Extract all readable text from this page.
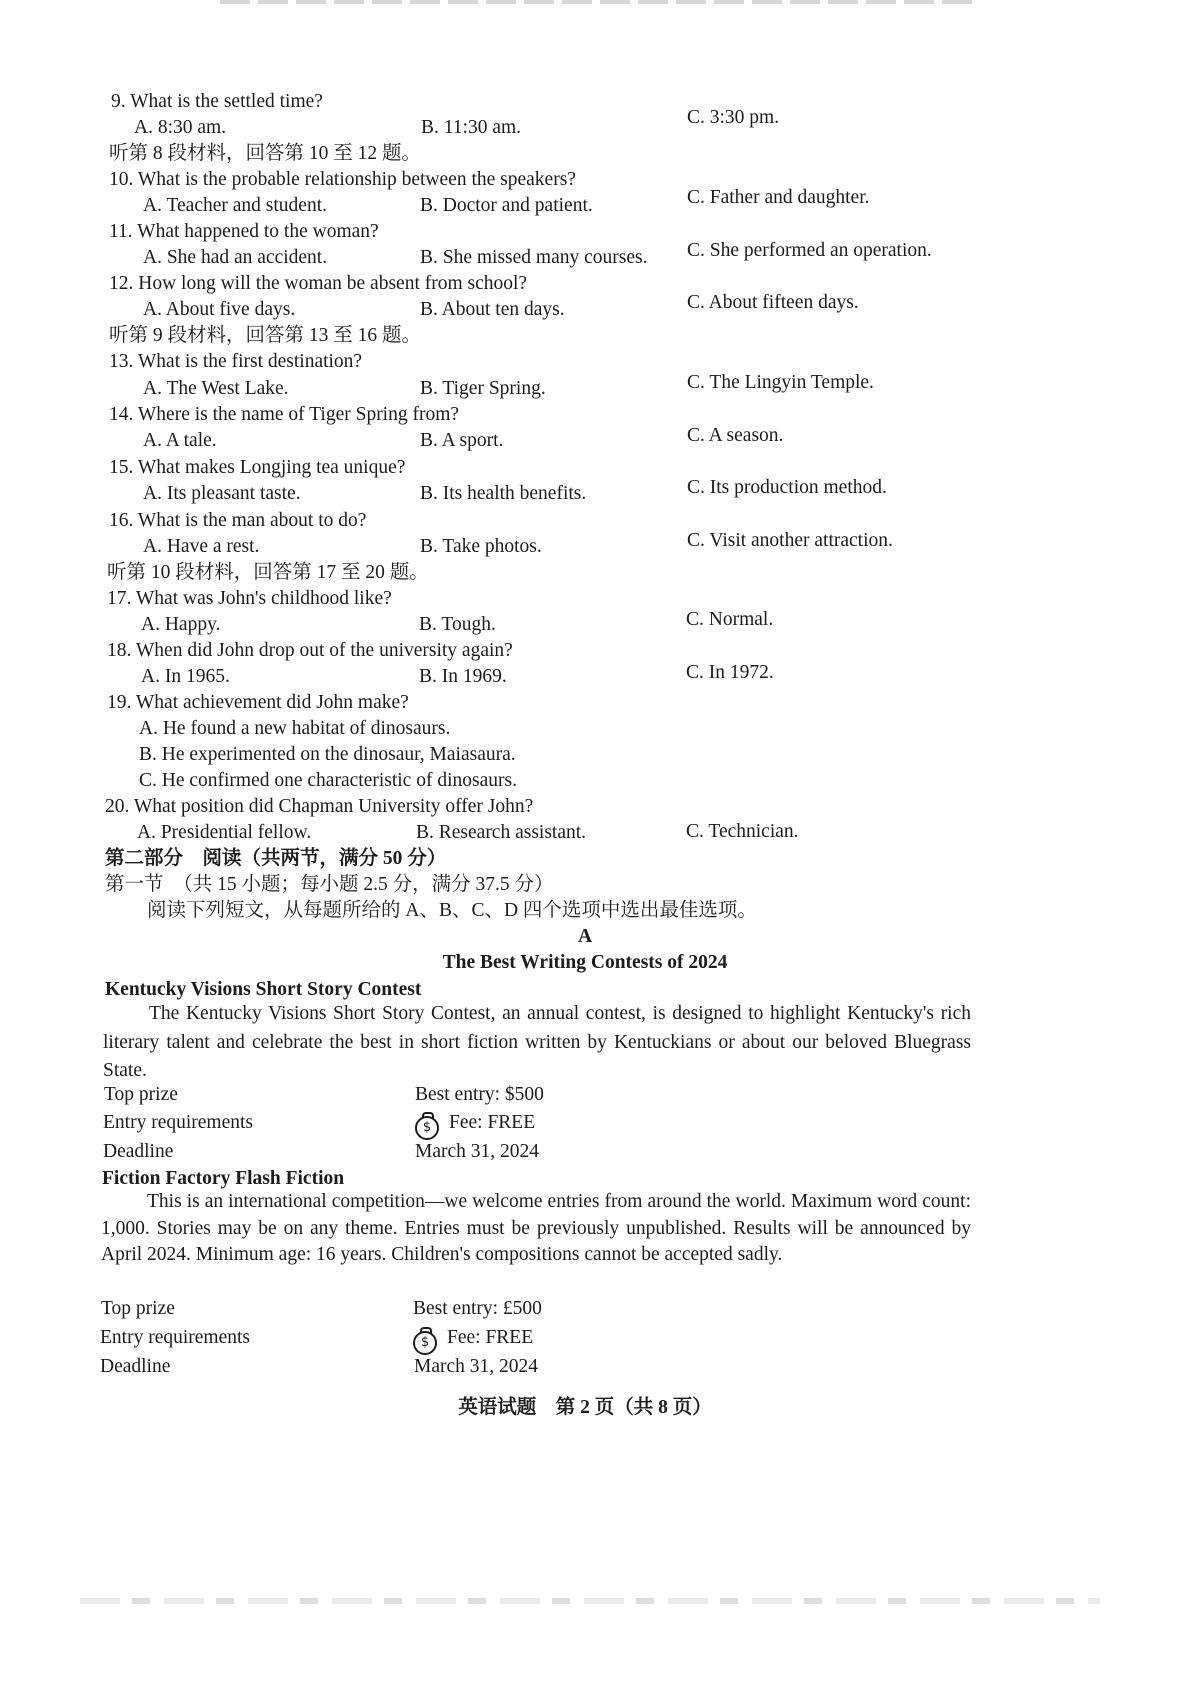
9. What is the settled time?
A. 8:30 am.	B. 11:30 am.	C. 3:30 pm.
听第 8 段材料，回答第 10 至 12 题。
10. What is the probable relationship between the speakers?
A. Teacher and student.	B. Doctor and patient.	C. Father and daughter.
11. What happened to the woman?
A. She had an accident.	B. She missed many courses. C. She performed an operation.
12. How long will the woman be absent from school?
A. About five days.	B. About ten days.	C. About fifteen days.
听第 9 段材料，回答第 13 至 16 题。
13. What is the first destination?
A. The West Lake.	B. Tiger Spring.	C. The Lingyin Temple.
14. Where is the name of Tiger Spring from?
A. A tale.	B. A sport.	C. A season.
15. What makes Longjing tea unique?
A. Its pleasant taste.	B. Its health benefits.	C. Its production method.
16. What is the man about to do?
A. Have a rest.	B. Take photos.	C. Visit another attraction.
听第 10 段材料，回答第 17 至 20 题。
17. What was John's childhood like?
A. Happy.	B. Tough.	C. Normal.
18. When did John drop out of the university again?
A. In 1965.	B. In 1969.	C. In 1972.
19. What achievement did John make?
A. He found a new habitat of dinosaurs.
B. He experimented on the dinosaur, Maiasaura.
C. He confirmed one characteristic of dinosaurs.
20. What position did Chapman University offer John?
A. Presidential fellow.	B. Research assistant.	C. Technician.
第二部分　阅读（共两节，满分 50 分）
第一节　（共 15 小题；每小题 2.5 分，满分 37.5 分）
阅读下列短文，从每题所给的 A、B、C、D 四个选项中选出最佳选项。
A
The Best Writing Contests of 2024
Kentucky Visions Short Story Contest
The Kentucky Visions Short Story Contest, an annual contest, is designed to highlight Kentucky's rich literary talent and celebrate the best in short fiction written by Kentuckians or about our beloved Bluegrass State.
Top prize	Best entry: $500
Entry requirements	$ Fee: FREE
Deadline	March 31, 2024
Fiction Factory Flash Fiction
This is an international competition—we welcome entries from around the world. Maximum word count: 1,000. Stories may be on any theme. Entries must be previously unpublished. Results will be announced by April 2024. Minimum age: 16 years. Children's compositions cannot be accepted sadly.
Top prize	Best entry: £500
Entry requirements	$ Fee: FREE
Deadline	March 31, 2024
英语试题　第 2 页（共 8 页）
